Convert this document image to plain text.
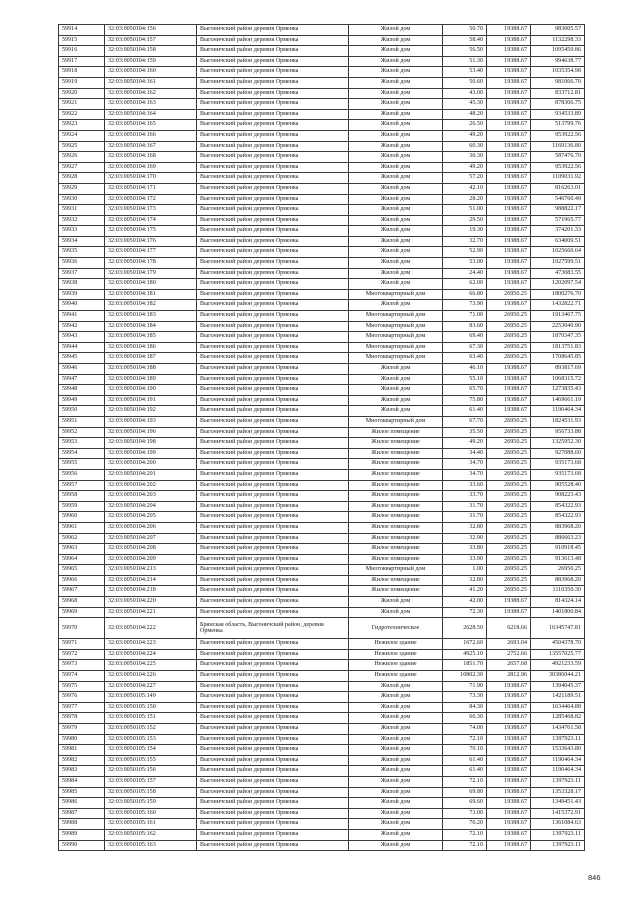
59914	32:03:0050104:156	Выгоничский район деревня Орменка	Жилой дом	50.70	19388.67	983005.57
59915	32:03:0050104:157	Выгоничский район деревня Орменка	Жилой дом	58.40	19388.67	1132298.33
59916	32:03:0050104:158	Выгоничский район деревня Орменка	Жилой дом	56.50	19388.67	1095459.86
59917	32:03:0050104:159	Выгоничский район деревня Орменка	Жилой дом	51.30	19388.67	994638.77
59918	32:03:0050104:160	Выгоничский район деревня Орменка	Жилой дом	53.40	19388.67	1035354.98
59919	32:03:0050104:161	Выгоничский район деревня Орменка	Жилой дом	50.60	19388.67	981066.70
59920	32:03:0050104:162	Выгоничский район деревня Орменка	Жилой дом	43.00	19388.67	833712.81
59921	32:03:0050104:163	Выгоничский район деревня Орменка	Жилой дом	45.30	19388.67	878306.75
59922	32:03:0050104:164	Выгоничский район деревня Орменка	Жилой дом	48.20	19388.67	934533.89
59923	32:03:0050104:165	Выгоничский район деревня Орменка	Жилой дом	26.50	19388.67	513799.76
59924	32:03:0050104:166	Выгоничский район деревня Орменка	Жилой дом	49.20	19388.67	953922.56
59925	32:03:0050104:167	Выгоничский район деревня Орменка	Жилой дом	60.30	19388.67	1169136.80
59926	32:03:0050104:168	Выгоничский район деревня Орменка	Жилой дом	30.30	19388.67	587476.70
59927	32:03:0050104:169	Выгоничский район деревня Орменка	Жилой дом	49.20	19388.67	953922.56
59928	32:03:0050104:170	Выгоничский район деревня Орменка	Жилой дом	57.20	19388.67	1109031.92
59929	32:03:0050104:171	Выгоничский район деревня Орменка	Жилой дом	42.10	19388.67	816263.01
59930	32:03:0050104:172	Выгоничский район деревня Орменка	Жилой дом	28.20	19388.67	546760.49
59931	32:03:0050104:173	Выгоничский район деревня Орменка	Жилой дом	51.00	19388.67	988822.17
59932	32:03:0050104:174	Выгоничский район деревня Орменка	Жилой дом	29.50	19388.67	571965.77
59933	32:03:0050104:175	Выгоничский район деревня Орменка	Жилой дом	19.30	19388.67	374201.33
59934	32:03:0050104:176	Выгоничский район деревня Орменка	Жилой дом	32.70	19388.67	634009.51
59935	32:03:0050104:177	Выгоничский район деревня Орменка	Жилой дом	52.90	19388.67	1025660.64
59936	32:03:0050104:178	Выгоничский район деревня Орменка	Жилой дом	53.00	19388.67	1027599.51
59937	32:03:0050104:179	Выгоничский район деревня Орменка	Жилой дом	24.40	19388.67	473083.55
59938	32:03:0050104:180	Выгоничский район деревня Орменка	Жилой дом	62.00	19388.67	1202097.54
59939	32:03:0050104:181	Выгоничский район деревня Орменка	Многоквартирный дом	66.80	26950.25	1800276.70
59940	32:03:0050104:182	Выгоничский район деревня Орменка	Жилой дом	73.90	19388.67	1432822.71
59941	32:03:0050104:183	Выгоничский район деревня Орменка	Многоквартирный дом	71.00	26950.25	1913467.75
59942	32:03:0050104:184	Выгоничский район деревня Орменка	Многоквартирный дом	83.60	26950.25	2253040.90
59943	32:03:0050104:185	Выгоничский район деревня Орменка	Многоквартирный дом	69.40	26950.25	1870347.35
59944	32:03:0050104:186	Выгоничский район деревня Орменка	Многоквартирный дом	67.30	26950.25	1813751.83
59945	32:03:0050104:187	Выгоничский район деревня Орменка	Многоквартирный дом	63.40	26950.25	1708645.85
59946	32:03:0050104:188	Выгоничский район деревня Орменка	Жилой дом	46.10	19388.67	893817.69
59947	32:03:0050104:189	Выгоничский район деревня Орменка	Жилой дом	55.10	19388.67	1068315.72
59948	32:03:0050104:190	Выгоничский район деревня Орменка	Жилой дом	65.70	19388.67	1273835.43
59949	32:03:0050104:191	Выгоничский район деревня Орменка	Жилой дом	75.80	19388.67	1469661.19
59950	32:03:0050104:192	Выгоничский район деревня Орменка	Жилой дом	61.40	19388.67	1190464.34
59951	32:03:0050104:193	Выгоничский район деревня Орменка	Многоквартирный дом	67.70	26950.25	1824531.93
59952	32:03:0050104:196	Выгоничский район деревня Орменка	Жилое помещение	35.50	26950.25	956733.88
59953	32:03:0050104:198	Выгоничский район деревня Орменка	Жилое помещение	49.20	26950.25	1325952.30
59954	32:03:0050104:199	Выгоничский район деревня Орменка	Жилое помещение	34.40	26950.25	927088.60
59955	32:03:0050104:200	Выгоничский район деревня Орменка	Жилое помещение	34.70	26950.25	935173.68
59956	32:03:0050104:201	Выгоничский район деревня Орменка	Жилое помещение	34.70	26950.25	935173.68
59957	32:03:0050104:202	Выгоничский район деревня Орменка	Жилое помещение	33.60	26950.25	905528.40
59958	32:03:0050104:203	Выгоничский район деревня Орменка	Жилое помещение	33.70	26950.25	908223.43
59959	32:03:0050104:204	Выгоничский район деревня Орменка	Жилое помещение	31.70	26950.25	854322.93
59960	32:03:0050104:205	Выгоничский район деревня Орменка	Жилое помещение	31.70	26950.25	854322.93
59961	32:03:0050104:206	Выгоничский район деревня Орменка	Жилое помещение	32.80	26950.25	883968.20
59962	32:03:0050104:207	Выгоничский район деревня Орменка	Жилое помещение	32.90	26950.25	886663.23
59963	32:03:0050104:208	Выгоничский район деревня Орменка	Жилое помещение	33.80	26950.25	910918.45
59964	32:03:0050104:209	Выгоничский район деревня Орменка	Жилое помещение	33.90	26950.25	913613.48
59965	32:03:0050104:213	Выгоничский район деревня Орменка	Многоквартирный дом	1.00	26950.25	26950.25
59966	32:03:0050104:214	Выгоничский район деревня Орменка	Жилое помещение	32.80	26950.25	883968.20
59967	32:03:0050104:218	Выгоничский район деревня Орменка	Жилое помещение	41.20	26950.25	1110350.30
59968	32:03:0050104:220	Выгоничский район деревня Орменка	Жилой дом	42.00	19388.67	814324.14
59969	32:03:0050104:221	Выгоничский район деревня Орменка	Жилой дом	72.30	19388.67	1401800.84
59970	32:03:0050104:222	Брянская область, Выгоничский район, деревня Орменка	Гидротехническое	2628.50	6218.66	16345747.81
59971	32:03:0050104:223	Выгоничский район деревня Орменка	Нежилое здание	1672.60	2693.04	4504378.70
59972	32:03:0050104:224	Выгоничский район деревня Орменка	Нежилое здание	4925.10	2752.66	13557025.77
59973	32:03:0050104:225	Выгоничский район деревня Орменка	Нежилое здание	1851.70	2657.68	4921233.59
59974	32:03:0050104:226	Выгоничский район деревня Орменка	Нежилое здание	10802.30	2812.96	30386044.21
59975	32:03:0050104:227	Выгоничский район деревня Орменка	Жилой дом	71.90	19388.67	1394045.37
59976	32:03:0050105:149	Выгоничский район деревня Орменка	Жилой дом	73.30	19388.67	1421189.51
59977	32:03:0050105:150	Выгоничский район деревня Орменка	Жилой дом	84.30	19388.67	1634464.88
59978	32:03:0050105:151	Выгоничский район деревня Орменка	Жилой дом	66.30	19388.67	1285468.82
59979	32:03:0050105:152	Выгоничский район деревня Орменка	Жилой дом	74.00	19388.67	1434761.58
59980	32:03:0050105:153	Выгоничский район деревня Орменка	Жилой дом	72.10	19388.67	1397923.11
59981	32:03:0050105:154	Выгоничский район деревня Орменка	Жилой дом	79.10	19388.67	1533643.80
59982	32:03:0050105:155	Выгоничский район деревня Орменка	Жилой дом	61.40	19388.67	1190464.34
59983	32:03:0050105:156	Выгоничский район деревня Орменка	Жилой дом	61.40	19388.67	1190464.34
59984	32:03:0050105:157	Выгоничский район деревня Орменка	Жилой дом	72.10	19388.67	1397923.11
59985	32:03:0050105:158	Выгоничский район деревня Орменка	Жилой дом	69.80	19388.67	1353328.17
59986	32:03:0050105:159	Выгоничский район деревня Орменка	Жилой дом	69.60	19388.67	1349451.43
59987	32:03:0050105:160	Выгоничский район деревня Орменка	Жилой дом	73.00	19388.67	1415372.91
59988	32:03:0050105:161	Выгоничский район деревня Орменка	Жилой дом	70.20	19388.67	1361084.63
59989	32:03:0050105:162	Выгоничский район деревня Орменка	Жилой дом	72.10	19388.67	1397923.11
59990	32:03:0050105:163	Выгоничский район деревня Орменка	Жилой дом	72.10	19388.67	1397923.11
846
